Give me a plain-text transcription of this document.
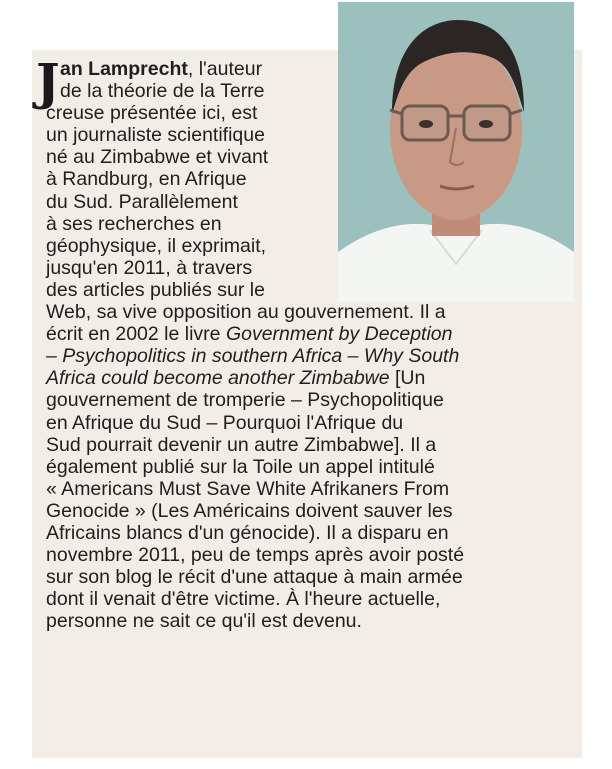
J an Lamprecht, l'auteur
de la théorie de la Terre
creuse présentée ici, est
un journaliste scientifique
né au Zimbabwe et vivant
à Randburg, en Afrique
du Sud. Parallèlement
à ses recherches en
géophysique, il exprimait,
jusqu'en 2011, à travers
des articles publiés sur le
Web, sa vive opposition au gouvernement. Il a
écrit en 2002 le livre Government by Deception
– Psychopolitics in southern Africa – Why South
Africa could become another Zimbabwe [Un
gouvernement de tromperie – Psychopolitique
en Afrique du Sud – Pourquoi l'Afrique du
Sud pourrait devenir un autre Zimbabwe]. Il a
également publié sur la Toile un appel intitulé
« Americans Must Save White Afrikaners From
Genocide » (Les Américains doivent sauver les
Africains blancs d'un génocide). Il a disparu en
novembre 2011, peu de temps après avoir posté
sur son blog le récit d'une attaque à main armée
dont il venait d'être victime. À l'heure actuelle,
personne ne sait ce qu'il est devenu.
